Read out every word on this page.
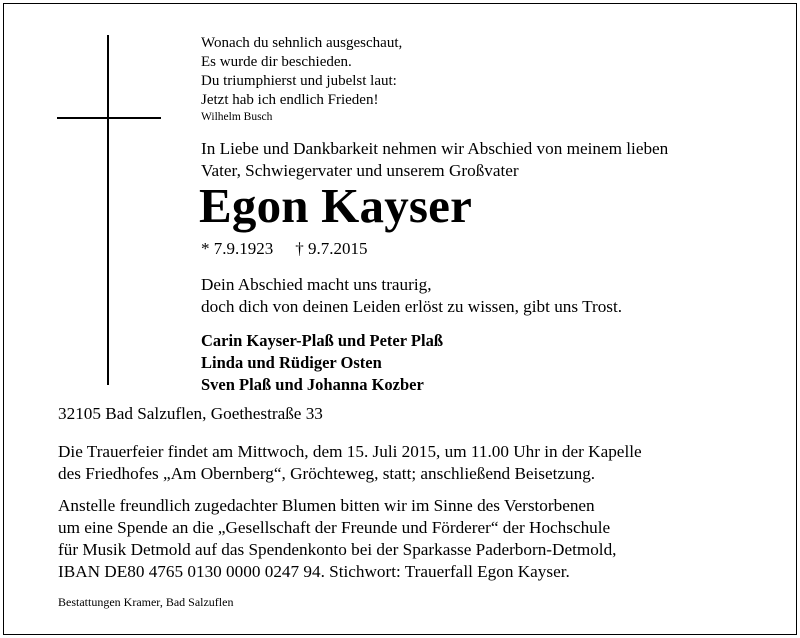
Wonach du sehnlich ausgeschaut,

Es wurde dir beschieden.

Du triumphierst und jubelst laut:

Jetzt hab ich endlich Frieden!

Wilhelm Busch

In Liebe und Dankbarkeit nehmen wir Abschied von meinem lieben

Vater, Schwiegervater und unserem Großvater

Egon Kayser

* 7.9.1923 † 9.7.2015

Dein Abschied macht uns traurig,

doch dich von deinen Leiden erlöst zu wissen, gibt uns Trost.

Carin Kayser-Plaß und Peter Plaß

Linda und Rüdiger Osten

Sven Plaß und Johanna Kozber

32105 Bad Salzuflen, Goethestraße 33

Die Trauerfeier findet am Mittwoch, dem 15. Juli 2015, um 11.00 Uhr in der Kapelle

des Friedhofes „Am Obernberg“, Gröchteweg, statt; anschließend Beisetzung.

Anstelle freundlich zugedachter Blumen bitten wir im Sinne des Verstorbenen

um eine Spende an die „Gesellschaft der Freunde und Förderer“ der Hochschule

für Musik Detmold auf das Spendenkonto bei der Sparkasse Paderborn-Detmold,

IBAN DE80 4765 0130 0000 0247 94. Stichwort: Trauerfall Egon Kayser.

Bestattungen Kramer, Bad Salzuflen
